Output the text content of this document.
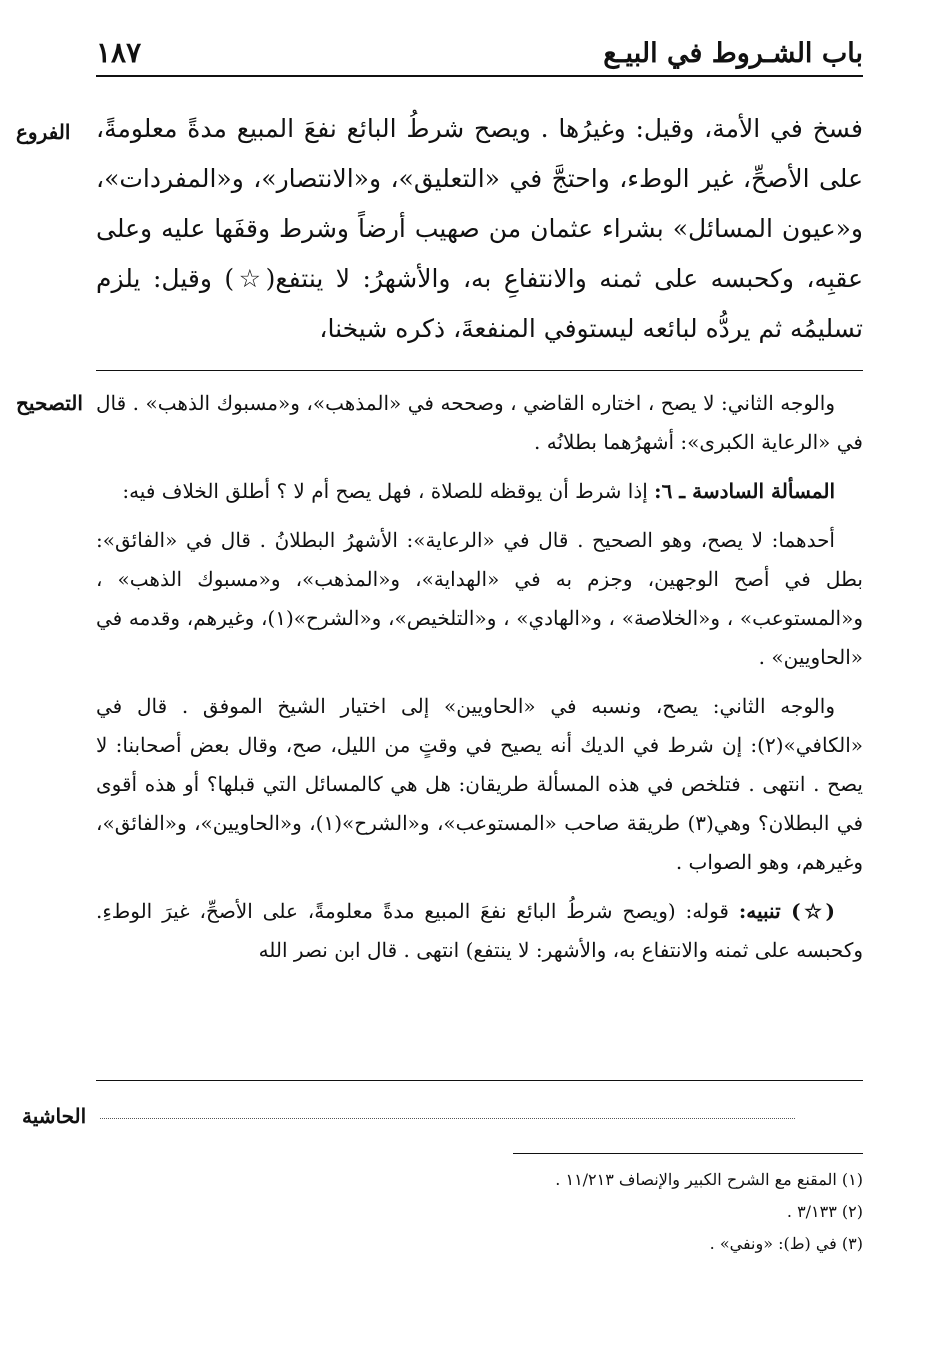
باب الشـروط في البيـع
١٨٧
الفروع فسخ في الأمة، وقيل: وغيرُها . ويصح شرطُ البائع نفعَ المبيع مدةً معلومةً، على الأصحِّ، غير الوطء، واحتجَّ في «التعليق»، و«الانتصار»، و«المفردات»، و«عيون المسائل» بشراء عثمان من صهيب أرضاً وشرط وقفَها عليه وعلى عقبِه، وكحبسه على ثمنه والانتفاعِ به، والأشهرُ: لا ينتفع(☆) وقيل: يلزم تسليمُه ثم يردُّه لبائعه ليستوفي المنفعةَ، ذكره شيخنا،

التصحيح والوجه الثاني: لا يصح ، اختاره القاضي ، وصححه في «المذهب»، و«مسبوك الذهب» . قال في «الرعاية الكبرى»: أشهرُهما بطلانُه .

المسألة السادسة ـ ٦: إذا شرط أن يوقظه للصلاة ، فهل يصح أم لا ؟ أطلق الخلاف فيه:

أحدهما: لا يصح، وهو الصحيح . قال في «الرعاية»: الأشهرُ البطلانُ . قال في «الفائق»: بطل في أصح الوجهين، وجزم به في «الهداية»، و«المذهب»، و«مسبوك الذهب» ، و«المستوعب» ، و«الخلاصة» ، و«الهادي» ، و«التلخيص»، و«الشرح»(١)، وغيرهم، وقدمه في «الحاويين» .

والوجه الثاني: يصح، ونسبه في «الحاويين» إلى اختيار الشيخ الموفق . قال في «الكافي»(٢): إن شرط في الديك أنه يصيح في وقتٍ من الليل، صح، وقال بعض أصحابنا: لا يصح . انتهى . فتلخص في هذه المسألة طريقان: هل هي كالمسائل التي قبلها؟ أو هذه أقوى في البطلان؟ وهي(٣) طريقة صاحب «المستوعب»، و«الشرح»(١)، و«الحاويين»، و«الفائق»، وغيرهم، وهو الصواب .

(☆) تنبيه: قوله: (ويصح شرطُ البائع نفعَ المبيع مدةً معلومةً، على الأصحِّ، غيرَ الوطءِ. وكحبسه على ثمنه والانتفاع به، والأشهر: لا ينتفع) انتهى . قال ابن نصر الله

الحاشية
(١) المقنع مع الشرح الكبير والإنصاف ١١/٢١٣ .
(٢) ٣/١٣٣ .
(٣) في (ط): «ونفي» .
